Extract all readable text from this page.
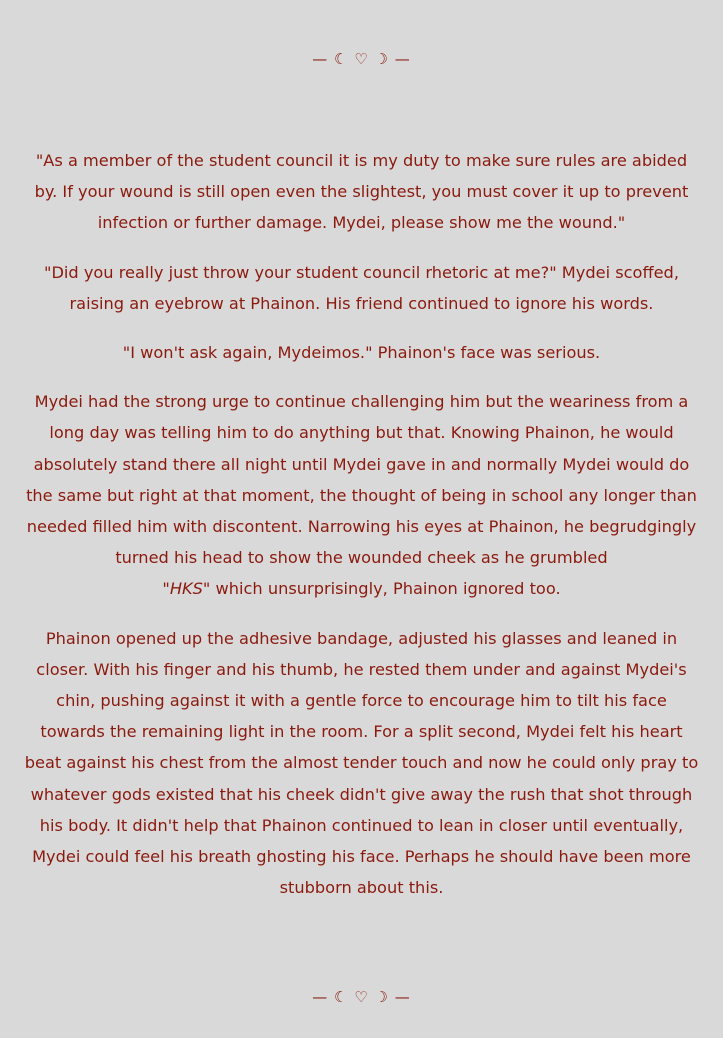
— ☾ ♡ ☽ —

"As a member of the student council it is my duty to make sure rules are abided by. If your wound is still open even the slightest, you must cover it up to prevent infection or further damage. Mydei, please show me the wound."

"Did you really just throw your student council rhetoric at me?" Mydei scoffed, raising an eyebrow at Phainon. His friend continued to ignore his words.

"I won't ask again, Mydeimos." Phainon's face was serious.

Mydei had the strong urge to continue challenging him but the weariness from a long day was telling him to do anything but that. Knowing Phainon, he would absolutely stand there all night until Mydei gave in and normally Mydei would do the same but right at that moment, the thought of being in school any longer than needed filled him with discontent. Narrowing his eyes at Phainon, he begrudgingly turned his head to show the wounded cheek as he grumbled
"HKS" which unsurprisingly, Phainon ignored too.

Phainon opened up the adhesive bandage, adjusted his glasses and leaned in closer. With his finger and his thumb, he rested them under and against Mydei's chin, pushing against it with a gentle force to encourage him to tilt his face towards the remaining light in the room. For a split second, Mydei felt his heart beat against his chest from the almost tender touch and now he could only pray to whatever gods existed that his cheek didn't give away the rush that shot through his body. It didn't help that Phainon continued to lean in closer until eventually, Mydei could feel his breath ghosting his face. Perhaps he should have been more stubborn about this.

— ☾ ♡ ☽ —
